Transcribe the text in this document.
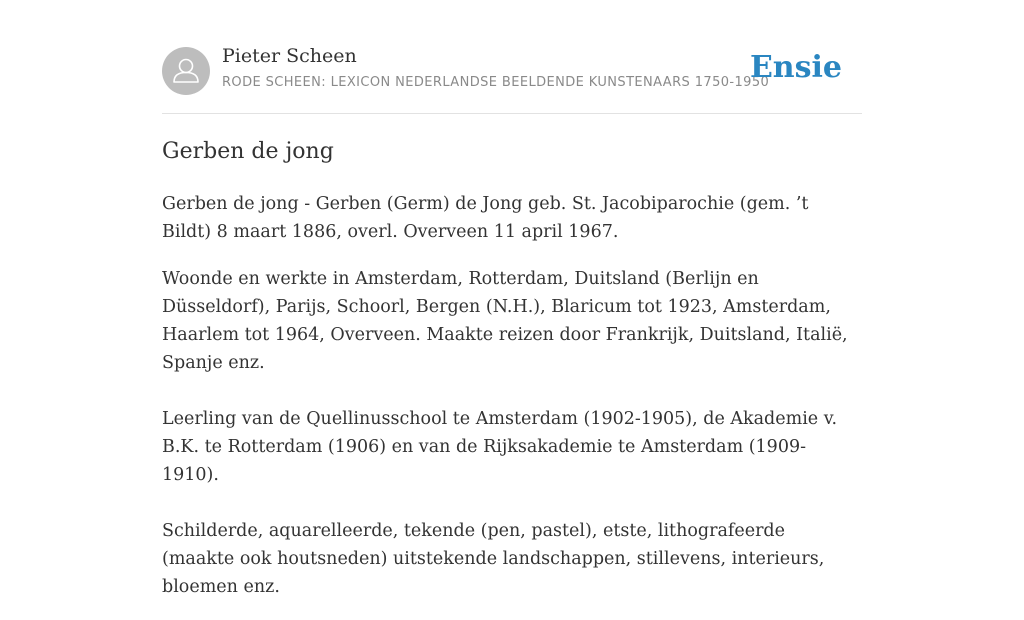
Pieter Scheen
RODE SCHEEN: LEXICON NEDERLANDSE BEELDENDE KUNSTENAARS 1750-1950
Ensie
Gerben de jong

Gerben de jong - Gerben (Germ) de Jong geb. St. Jacobiparochie (gem. ’t Bildt) 8 maart 1886, overl. Overveen 11 april 1967.

Woonde en werkte in Amsterdam, Rotterdam, Duitsland (Berlijn en Düsseldorf), Parijs, Schoorl, Bergen (N.H.), Blaricum tot 1923, Amsterdam, Haarlem tot 1964, Overveen. Maakte reizen door Frankrijk, Duitsland, Italië, Spanje enz.

Leerling van de Quellinusschool te Amsterdam (1902-1905), de Akademie v. B.K. te Rotterdam (1906) en van de Rijksakademie te Amsterdam (1909-1910).

Schilderde, aquarelleerde, tekende (pen, pastel), etste, lithografeerde (maakte ook houtsneden) uitstekende landschappen, stillevens, interieurs, bloemen enz.
